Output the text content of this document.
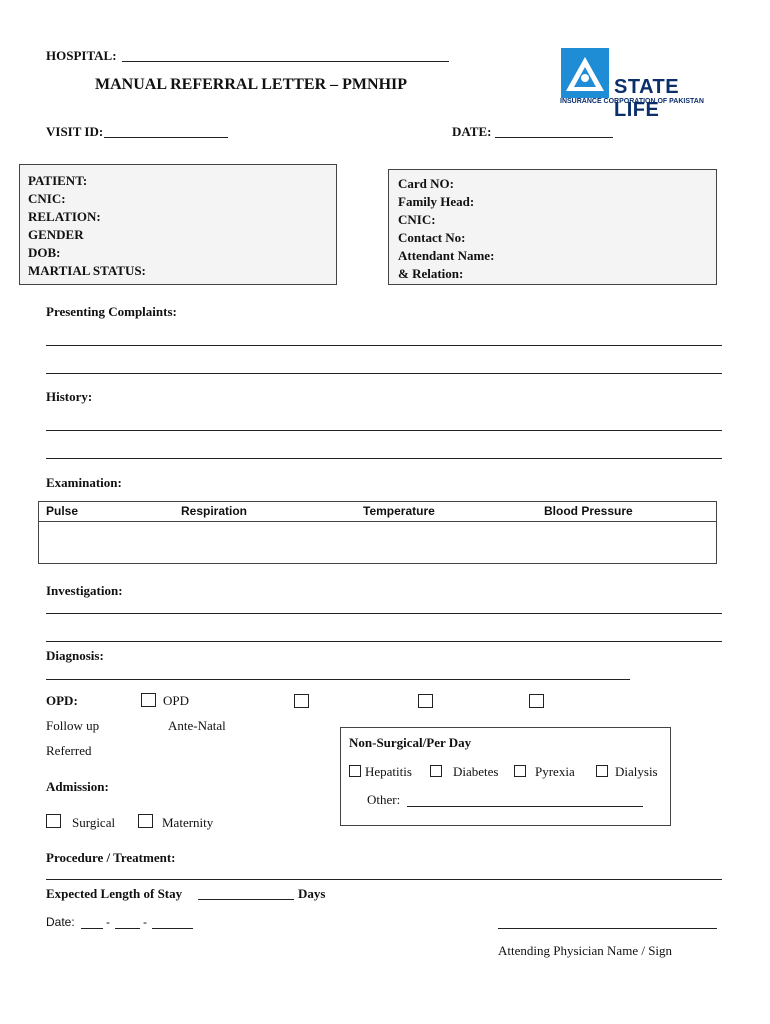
HOSPITAL:
MANUAL REFERRAL LETTER – PMNHIP	STATE LIFE
INSURANCE CORPORATION OF PAKISTAN
VISIT ID:	DATE:
PATIENT:
CNIC:
RELATION:
GENDER
DOB:
MARTIAL STATUS:
Card NO:
Family Head:
CNIC:
Contact No:
Attendant Name:
& Relation:
Presenting Complaints:
History:
Examination:
Pulse	Respiration	Temperature	Blood Pressure
Investigation:
Diagnosis:
OPD:	OPD
Follow up	Ante-Natal
Referred
Admission:
Surgical	Maternity
Non-Surgical/Per Day
Hepatitis	Diabetes	Pyrexia	Dialysis
Other:
Procedure / Treatment:
Expected Length of Stay	Days
Date:	-	-
Attending Physician Name / Sign
